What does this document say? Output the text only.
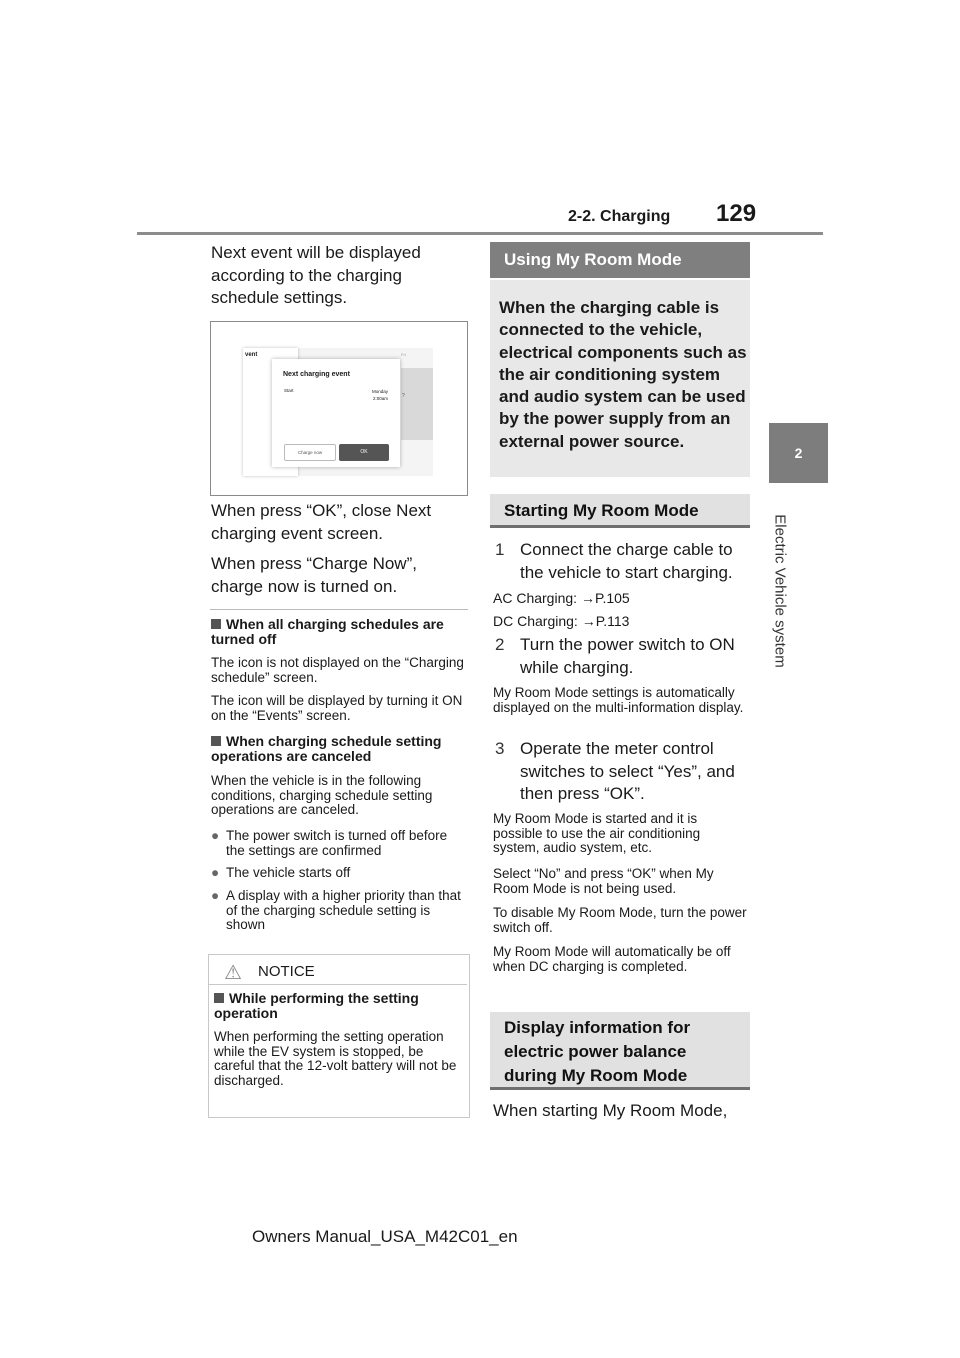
2-2. Charging 129
2
Electric Vehicle system
Next event will be displayed according to the charging schedule settings.
Fri
?
vent
Next charging event
Start	Monday
2:00am
Charge now	OK
When press “OK”, close Next charging event screen.
When press “Charge Now”, charge now is turned on.
When all charging schedules are turned off
The icon is not displayed on the “Charging schedule” screen.
The icon will be displayed by turning it ON on the “Events” screen.
When charging schedule setting operations are canceled
When the vehicle is in the following conditions, charging schedule setting operations are canceled.
● The power switch is turned off before the settings are confirmed
● The vehicle starts off
● A display with a higher priority than that of the charging schedule setting is shown
⚠ NOTICE
While performing the setting operation
When performing the setting operation while the EV system is stopped, be careful that the 12-volt battery will not be discharged.
Using My Room Mode
When the charging cable is connected to the vehicle, electrical components such as the air conditioning system and audio system can be used by the power supply from an external power source.
Starting My Room Mode
1 Connect the charge cable to the vehicle to start charging.
AC Charging: →P.105
DC Charging: →P.113
2 Turn the power switch to ON while charging.
My Room Mode settings is automatically displayed on the multi-information display.
3 Operate the meter control switches to select “Yes”, and then press “OK”.
My Room Mode is started and it is possible to use the air conditioning system, audio system, etc.
Select “No” and press “OK” when My Room Mode is not being used.
To disable My Room Mode, turn the power switch off.
My Room Mode will automatically be off when DC charging is completed.
Display information for electric power balance during My Room Mode
When starting My Room Mode,
Owners Manual_USA_M42C01_en
